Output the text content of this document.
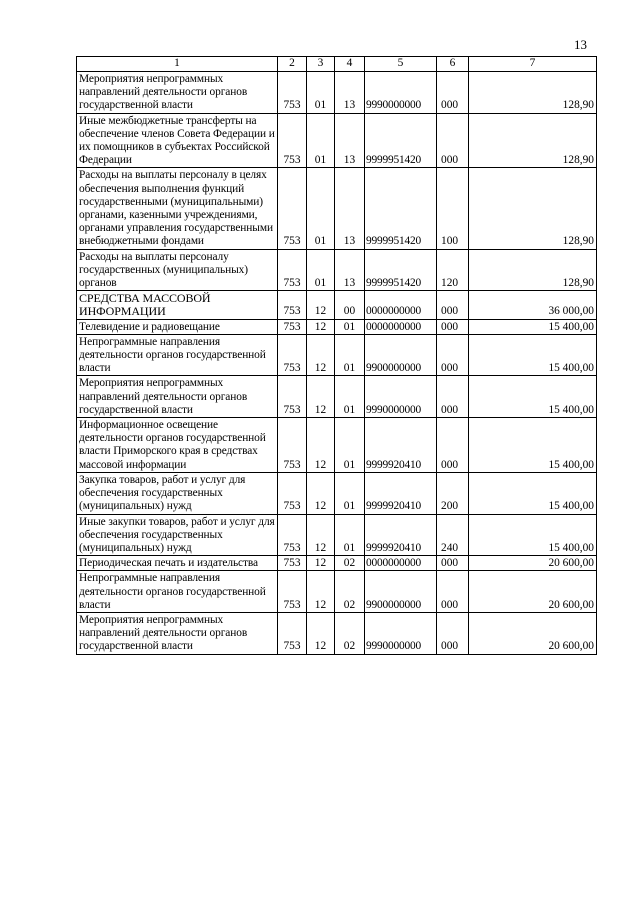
13
1	2	3	4	5	6	7
Мероприятия непрограммных направлений деятельности органов государственной власти	753	01	13	9990000000	000	128,90
Иные межбюджетные трансферты на обеспечение членов Совета Федерации и их помощников в субъектах Российской Федерации	753	01	13	9999951420	000	128,90
Расходы на выплаты персоналу в целях обеспечения выполнения функций государственными (муниципальными) органами, казенными учреждениями, органами управления государственными внебюджетными фондами	753	01	13	9999951420	100	128,90
Расходы на выплаты персоналу государственных (муниципальных) органов	753	01	13	9999951420	120	128,90
СРЕДСТВА МАССОВОЙ ИНФОРМАЦИИ	753	12	00	0000000000	000	36 000,00
Телевидение и радиовещание	753	12	01	0000000000	000	15 400,00
Непрограммные направления деятельности органов государственной власти	753	12	01	9900000000	000	15 400,00
Мероприятия непрограммных направлений деятельности органов государственной власти	753	12	01	9990000000	000	15 400,00
Информационное освещение деятельности органов государственной власти Приморского края в средствах массовой информации	753	12	01	9999920410	000	15 400,00
Закупка товаров, работ и услуг для обеспечения государственных (муниципальных) нужд	753	12	01	9999920410	200	15 400,00
Иные закупки товаров, работ и услуг для обеспечения государственных (муниципальных) нужд	753	12	01	9999920410	240	15 400,00
Периодическая печать и издательства	753	12	02	0000000000	000	20 600,00
Непрограммные направления деятельности органов государственной власти	753	12	02	9900000000	000	20 600,00
Мероприятия непрограммных направлений деятельности органов государственной власти	753	12	02	9990000000	000	20 600,00
